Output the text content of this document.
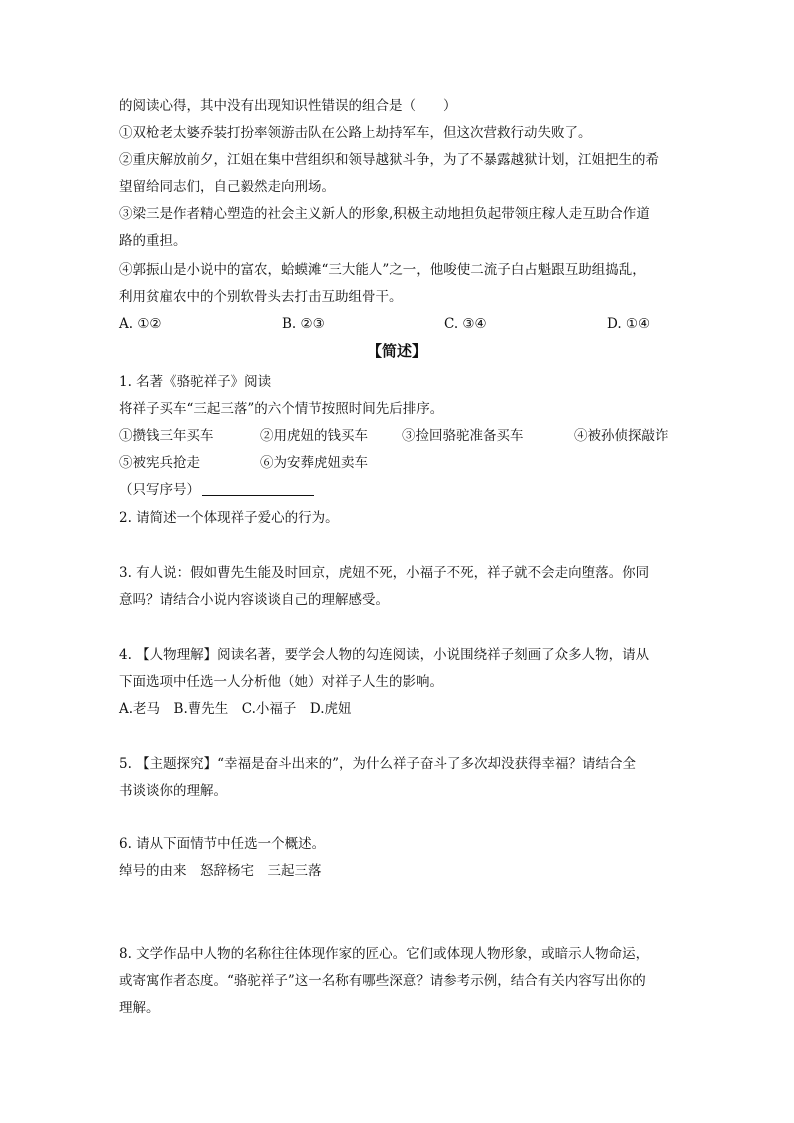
的阅读心得，其中没有出现知识性错误的组合是（　　）
①双枪老太婆乔装打扮率领游击队在公路上劫持军车，但这次营救行动失败了。
②重庆解放前夕，江姐在集中营组织和领导越狱斗争，为了不暴露越狱计划，江姐把生的希
望留给同志们，自己毅然走向刑场。
③梁三是作者精心塑造的社会主义新人的形象,积极主动地担负起带领庄稼人走互助合作道
路的重担。
④郭振山是小说中的富农，蛤蟆滩“三大能人”之一，他唆使二流子白占魁跟互助组捣乱，
利用贫雇农中的个别软骨头去打击互助组骨干。
A. ①②	B. ②③	C. ③④	D. ①④
【简述】
1. 名著《骆驼祥子》阅读
将祥子买车“三起三落”的六个情节按照时间先后排序。
①攒钱三年买车	②用虎妞的钱买车	③捡回骆驼准备买车	④被孙侦探敲诈
⑤被宪兵抢走	⑥为安葬虎妞卖车
（只写序号）
2. 请简述一个体现祥子爱心的行为。
3. 有人说：假如曹先生能及时回京，虎妞不死，小福子不死，祥子就不会走向堕落。你同
意吗？请结合小说内容谈谈自己的理解感受。
4. 【人物理解】阅读名著，要学会人物的勾连阅读，小说围绕祥子刻画了众多人物，请从
下面选项中任选一人分析他（她）对祥子人生的影响。
A.老马　B.曹先生　C.小福子　D.虎妞
5. 【主题探究】“幸福是奋斗出来的”，为什么祥子奋斗了多次却没获得幸福？请结合全
书谈谈你的理解。
6. 请从下面情节中任选一个概述。
绰号的由来　怒辞杨宅　三起三落
8. 文学作品中人物的名称往往体现作家的匠心。它们或体现人物形象，或暗示人物命运，
或寄寓作者态度。“骆驼祥子”这一名称有哪些深意？请参考示例，结合有关内容写出你的
理解。
